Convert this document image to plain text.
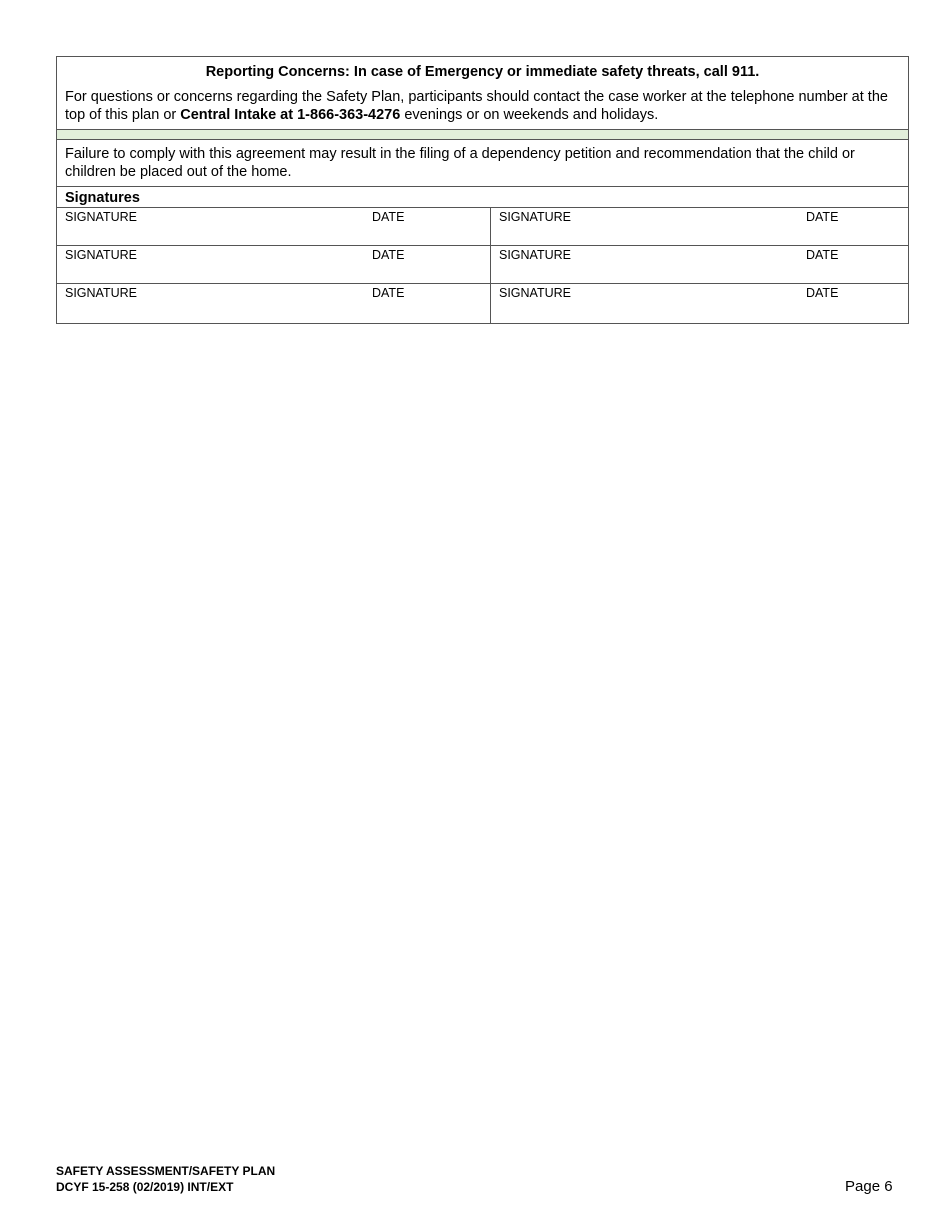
Reporting Concerns: In case of Emergency or immediate safety threats, call 911.
For questions or concerns regarding the Safety Plan, participants should contact the case worker at the telephone number at the top of this plan or Central Intake at 1-866-363-4276 evenings or on weekends and holidays.
Failure to comply with this agreement may result in the filing of a dependency petition and recommendation that the child or children be placed out of the home.
Signatures
SIGNATURE	DATE	SIGNATURE	DATE
SIGNATURE	DATE	SIGNATURE	DATE
SIGNATURE	DATE	SIGNATURE	DATE
SAFETY ASSESSMENT/SAFETY PLAN
DCYF 15-258 (02/2019) INT/EXT	Page 6
